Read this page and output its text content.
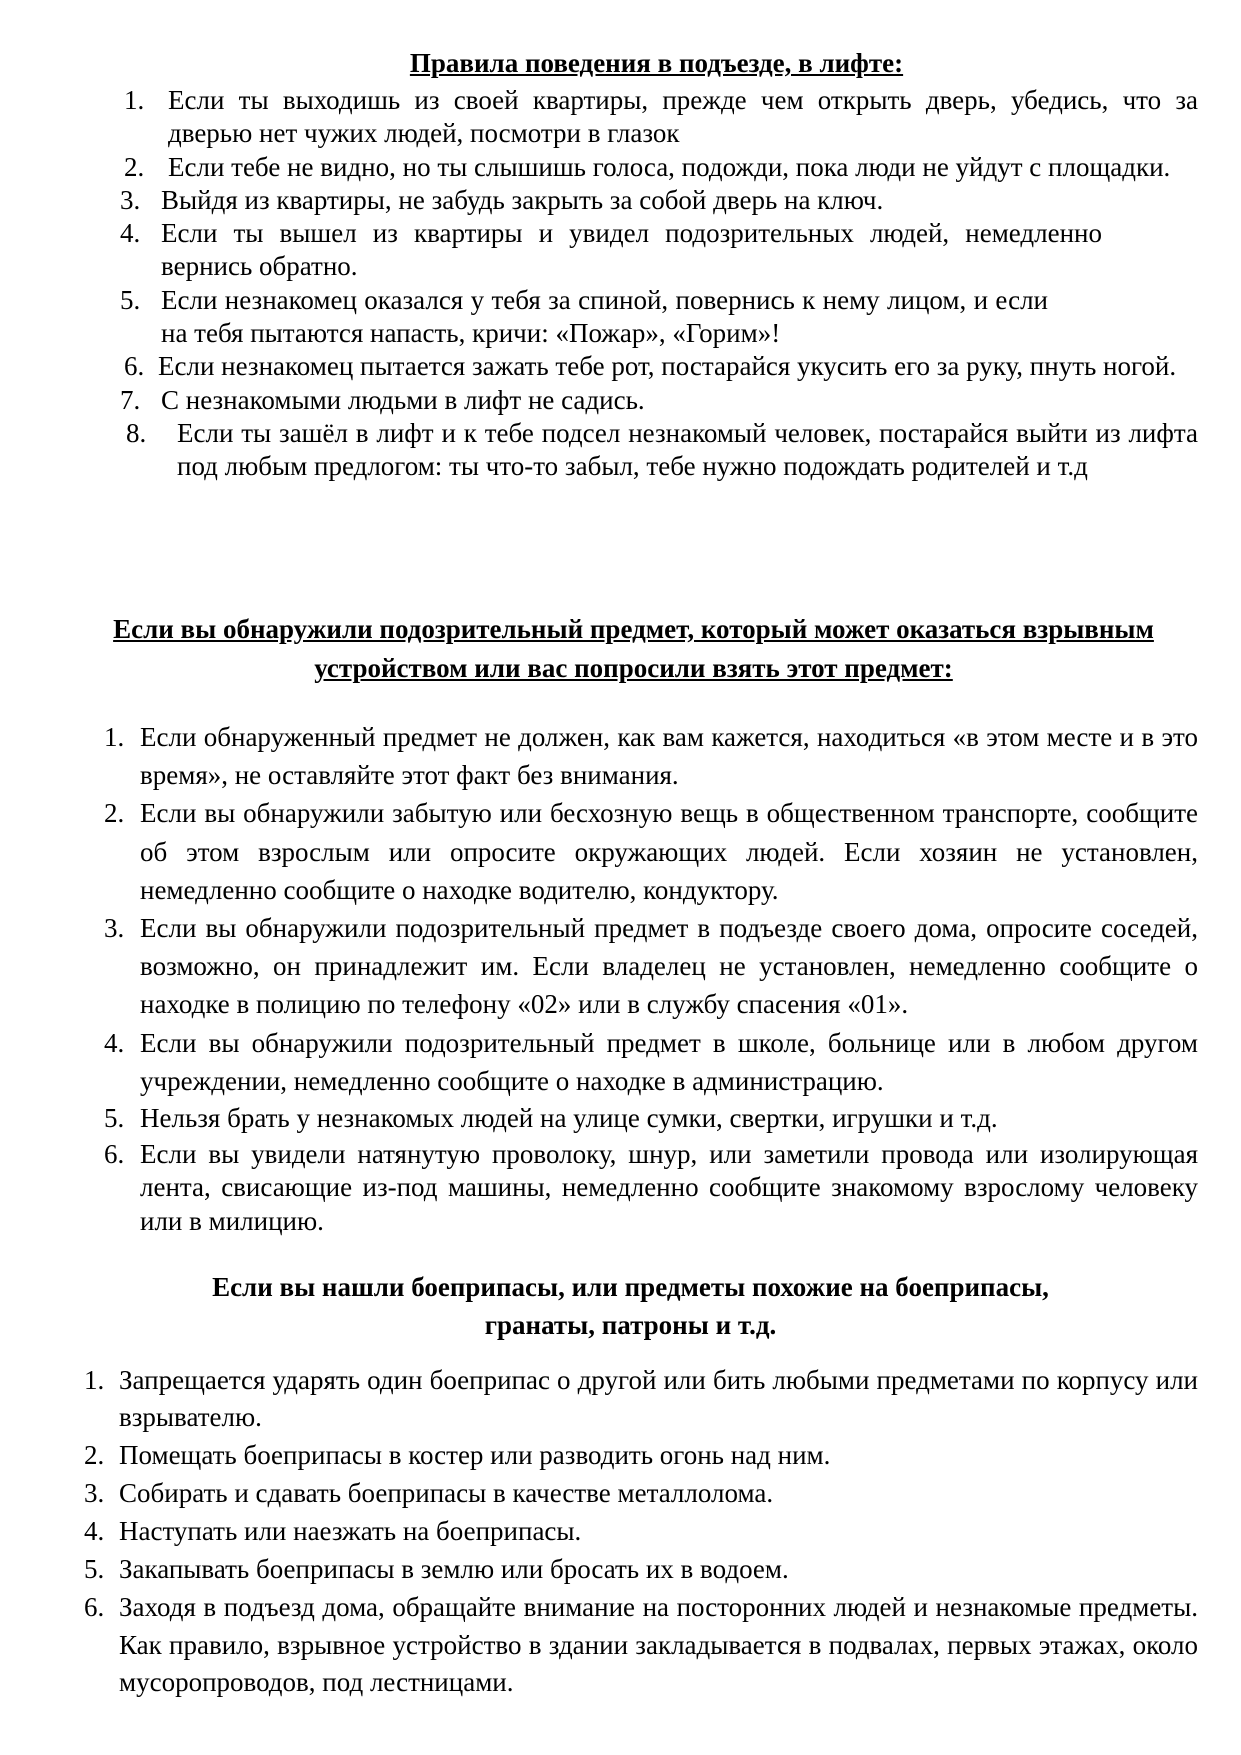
Правила поведения в подъезде, в лифте:
1. Если ты выходишь из своей квартиры, прежде чем открыть дверь, убедись, что за дверью нет чужих людей, посмотри в глазок
2. Если тебе не видно, но ты слышишь голоса, подожди, пока люди не уйдут с площадки.
3. Выйдя из квартиры, не забудь закрыть за собой дверь на ключ.
4. Если ты вышел из квартиры и увидел подозрительных людей, немедленно вернись обратно.
5. Если незнакомец оказался у тебя за спиной, повернись к нему лицом, и если на тебя пытаются напасть, кричи: «Пожар», «Горим»!
6. Если незнакомец пытается зажать тебе рот, постарайся укусить его за руку, пнуть ногой.
7. С незнакомыми людьми в лифт не садись.
8. Если ты зашёл в лифт и к тебе подсел незнакомый человек, постарайся выйти из лифта под любым предлогом: ты что-то забыл, тебе нужно подождать родителей и т.д
Если вы обнаружили подозрительный предмет, который может оказаться взрывным
устройством или вас попросили взять этот предмет:
1. Если обнаруженный предмет не должен, как вам кажется, находиться «в этом месте и в это время», не оставляйте этот факт без внимания.
2. Если вы обнаружили забытую или бесхозную вещь в общественном транспорте, сообщите об этом взрослым или опросите окружающих людей. Если хозяин не установлен, немедленно сообщите о находке водителю, кондуктору.
3. Если вы обнаружили подозрительный предмет в подъезде своего дома, опросите соседей, возможно, он принадлежит им. Если владелец не установлен, немедленно сообщите о находке в полицию по телефону «02» или в службу спасения «01».
4. Если вы обнаружили подозрительный предмет в школе, больнице или в любом другом учреждении, немедленно сообщите о находке в администрацию.
5. Нельзя брать у незнакомых людей на улице сумки, свертки, игрушки и т.д.
6. Если вы увидели натянутую проволоку, шнур, или заметили провода или изолирующая лента, свисающие из-под машины, немедленно сообщите знакомому взрослому человеку или в милицию.
Если вы нашли боеприпасы, или предметы похожие на боеприпасы,
гранаты, патроны и т.д.
1. Запрещается ударять один боеприпас о другой или бить любыми предметами по корпусу или взрывателю.
2. Помещать боеприпасы в костер или разводить огонь над ним.
3. Собирать и сдавать боеприпасы в качестве металлолома.
4. Наступать или наезжать на боеприпасы.
5. Закапывать боеприпасы в землю или бросать их в водоем.
6. Заходя в подъезд дома, обращайте внимание на посторонних людей и незнакомые предметы. Как правило, взрывное устройство в здании закладывается в подвалах, первых этажах, около мусоропроводов, под лестницами.
